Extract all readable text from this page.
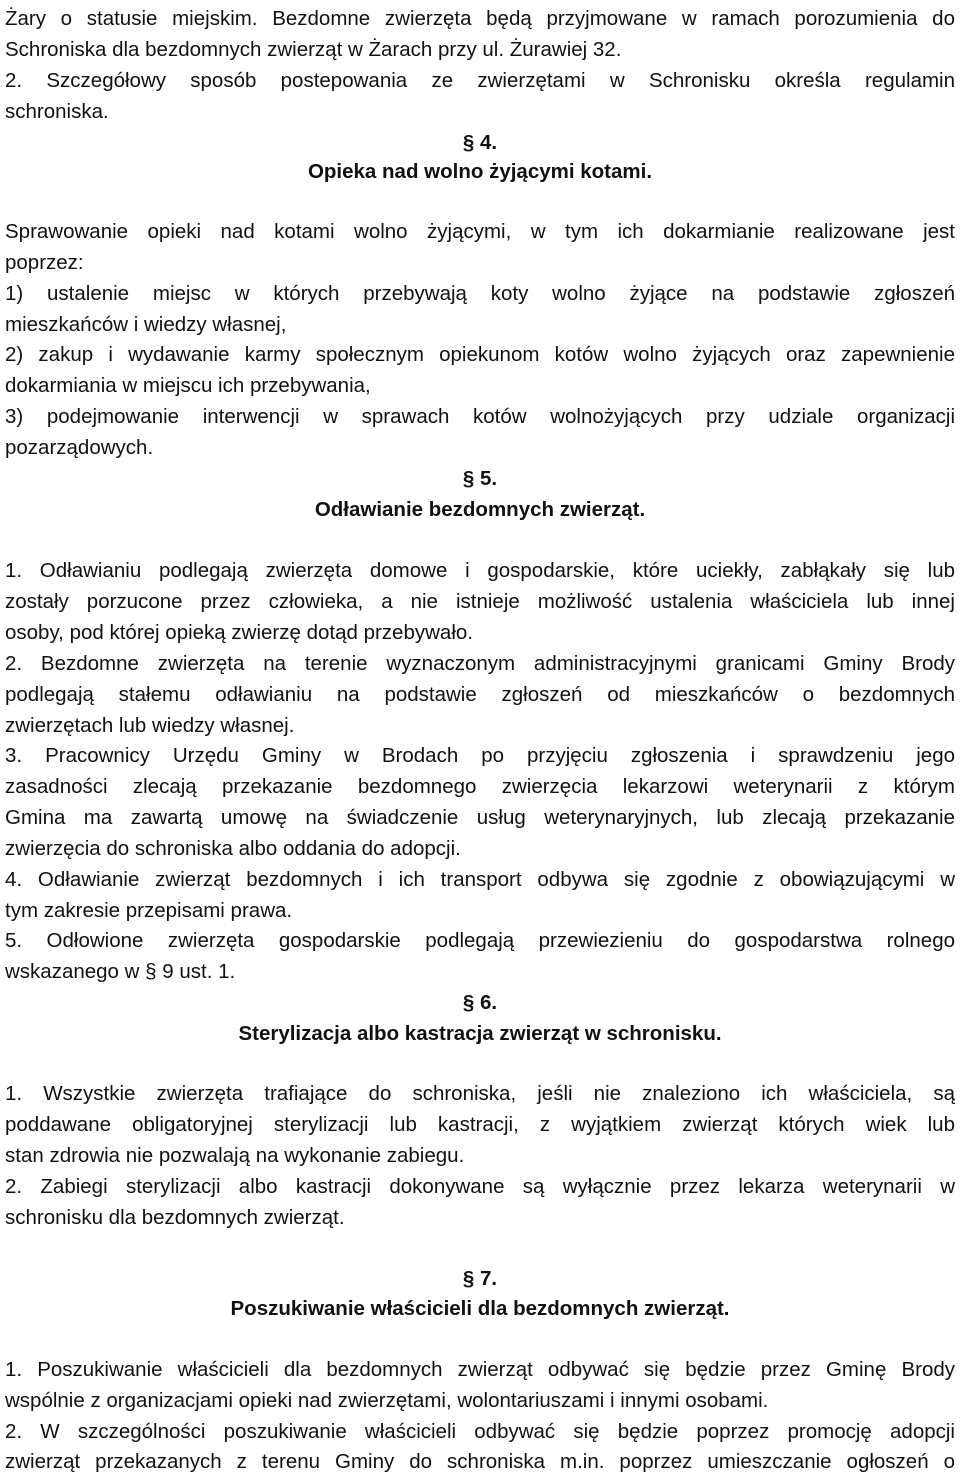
Żary o statusie miejskim. Bezdomne zwierzęta będą przyjmowane w ramach porozumienia do
Schroniska dla bezdomnych zwierząt w Żarach przy ul. Żurawiej 32.
2. Szczegółowy sposób postepowania ze zwierzętami w Schronisku określa regulamin
schroniska.
§ 4.
Opieka nad wolno żyjącymi kotami.
Sprawowanie opieki nad kotami wolno żyjącymi, w tym ich dokarmianie realizowane jest
poprzez:
1) ustalenie miejsc w których przebywają koty wolno żyjące na podstawie zgłoszeń
mieszkańców i wiedzy własnej,
2) zakup i wydawanie karmy społecznym opiekunom kotów wolno żyjących oraz zapewnienie
dokarmiania w miejscu ich przebywania,
3) podejmowanie interwencji w sprawach kotów wolnożyjących przy udziale organizacji
pozarządowych.
§ 5.
Odławianie bezdomnych zwierząt.
1. Odławianiu podlegają zwierzęta domowe i gospodarskie, które uciekły, zabłąkały się lub
zostały porzucone przez człowieka, a nie istnieje możliwość ustalenia właściciela lub innej
osoby, pod której opieką zwierzę dotąd przebywało.
2. Bezdomne zwierzęta na terenie wyznaczonym administracyjnymi granicami Gminy Brody
podlegają stałemu odławianiu na podstawie zgłoszeń od mieszkańców o bezdomnych
zwierzętach lub wiedzy własnej.
3. Pracownicy Urzędu Gminy w Brodach po przyjęciu zgłoszenia i sprawdzeniu jego
zasadności zlecają przekazanie bezdomnego zwierzęcia lekarzowi weterynarii z którym
Gmina ma zawartą umowę na świadczenie usług weterynaryjnych, lub zlecają przekazanie
zwierzęcia do schroniska albo oddania do adopcji.
4. Odławianie zwierząt bezdomnych i ich transport odbywa się zgodnie z obowiązującymi w
tym zakresie przepisami prawa.
5. Odłowione zwierzęta gospodarskie podlegają przewiezieniu do gospodarstwa rolnego
wskazanego w § 9 ust. 1.
§ 6.
Sterylizacja albo kastracja zwierząt w schronisku.
1. Wszystkie zwierzęta trafiające do schroniska, jeśli nie znaleziono ich właściciela, są
poddawane obligatoryjnej sterylizacji lub kastracji, z wyjątkiem zwierząt których wiek lub
stan zdrowia nie pozwalają na wykonanie zabiegu.
2. Zabiegi sterylizacji albo kastracji dokonywane są wyłącznie przez lekarza weterynarii w
schronisku dla bezdomnych zwierząt.
§ 7.
Poszukiwanie właścicieli dla bezdomnych zwierząt.
1. Poszukiwanie właścicieli dla bezdomnych zwierząt odbywać się będzie przez Gminę Brody
wspólnie z organizacjami opieki nad zwierzętami, wolontariuszami i innymi osobami.
2. W szczególności poszukiwanie właścicieli odbywać się będzie poprzez promocję adopcji
zwierząt przekazanych z terenu Gminy do schroniska m.in. poprzez umieszczanie ogłoszeń o
